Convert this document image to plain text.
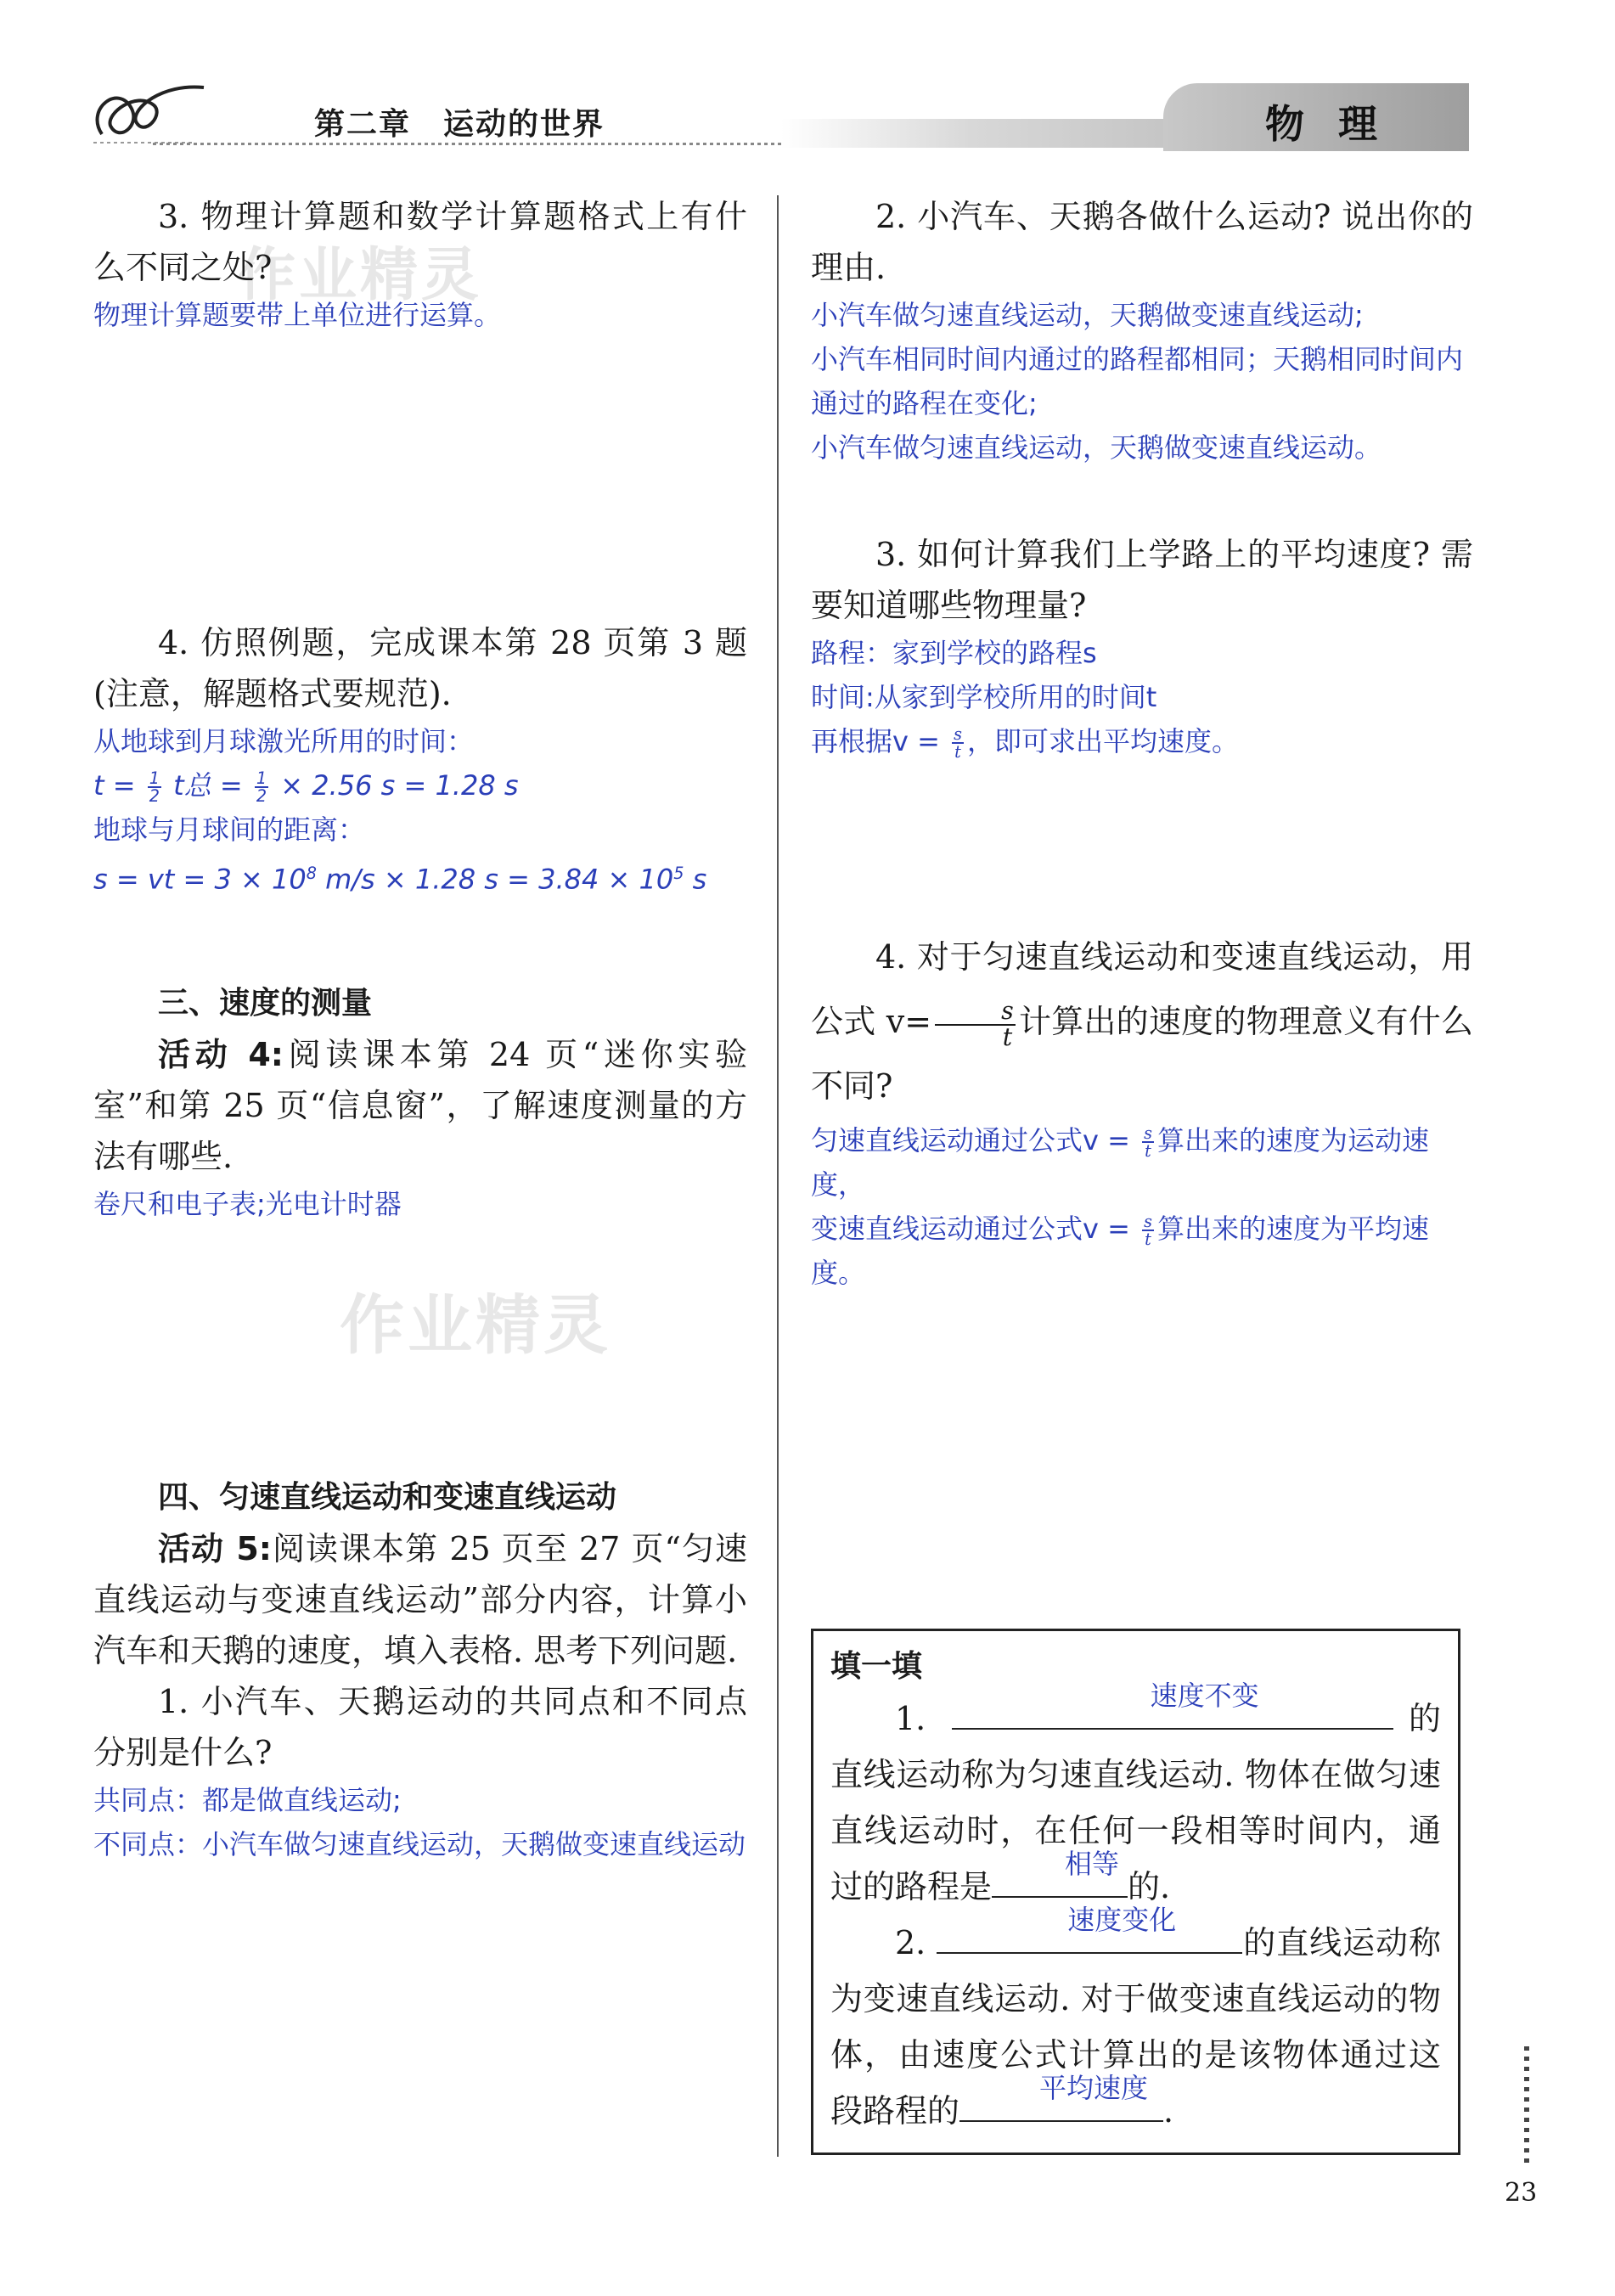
第二章　运动的世界	物理
作业精灵
作业精灵

3. 物理计算题和数学计算题格式上有什么不同之处?

物理计算题要带上单位进行运算。

4. 仿照例题，完成课本第 28 页第 3 题(注意，解题格式要规范).

从地球到月球激光所用的时间：

$t = \frac{1}{2}$ t总 = $\frac{1}{2} \times 2.56$ s = 1.28 s

地球与月球间的距离：

s = vt = $3 \times 10^8$ m/s × 1.28 $s = 3.84 \times 10^5$ s

三、速度的测量

活动 4:阅读课本第 24 页“迷你实验室”和第 25 页“信息窗”，了解速度测量的方法有哪些.

卷尺和电子表;光电计时器

四、匀速直线运动和变速直线运动

活动 5:阅读课本第 25 页至 27 页“匀速直线运动与变速直线运动”部分内容，计算小汽车和天鹅的速度，填入表格. 思考下列问题.

1. 小汽车、天鹅运动的共同点和不同点分别是什么?

共同点：都是做直线运动;

不同点：小汽车做匀速直线运动，天鹅做变速直线运动

2. 小汽车、天鹅各做什么运动? 说出你的理由.

小汽车做匀速直线运动，天鹅做变速直线运动;

小汽车相同时间内通过的路程都相同；天鹅相同时间内通过的路程在变化;

小汽车做匀速直线运动，天鹅做变速直线运动。

3. 如何计算我们上学路上的平均速度? 需要知道哪些物理量?

路程：家到学校的路程s

时间:从家到学校所用的时间t

再根据$v = \frac{s}{t}$ ，即可求出平均速度。

4. 对于匀速直线运动和变速直线运动，用公式 $v= \frac{s}{t}$ 计算出的速度的物理意义有什么不同?

匀速直线运动通过公式$v = \frac{s}{t}$ 算出来的速度为运动速度，

变速直线运动通过公式$v = \frac{s}{t}$ 算出来的速度为平均速度。

填一填

1.
速度不变
的直线运动称为匀速直线运动. 物体在做匀速直线运动时，在任何一段相等时间内，通过的路程是
相等
的.

2.
速度变化
的直线运动称为变速直线运动. 对于做变速直线运动的物体，由速度公式计算出的是该物体通过这段路程的
平均速度
.

23
